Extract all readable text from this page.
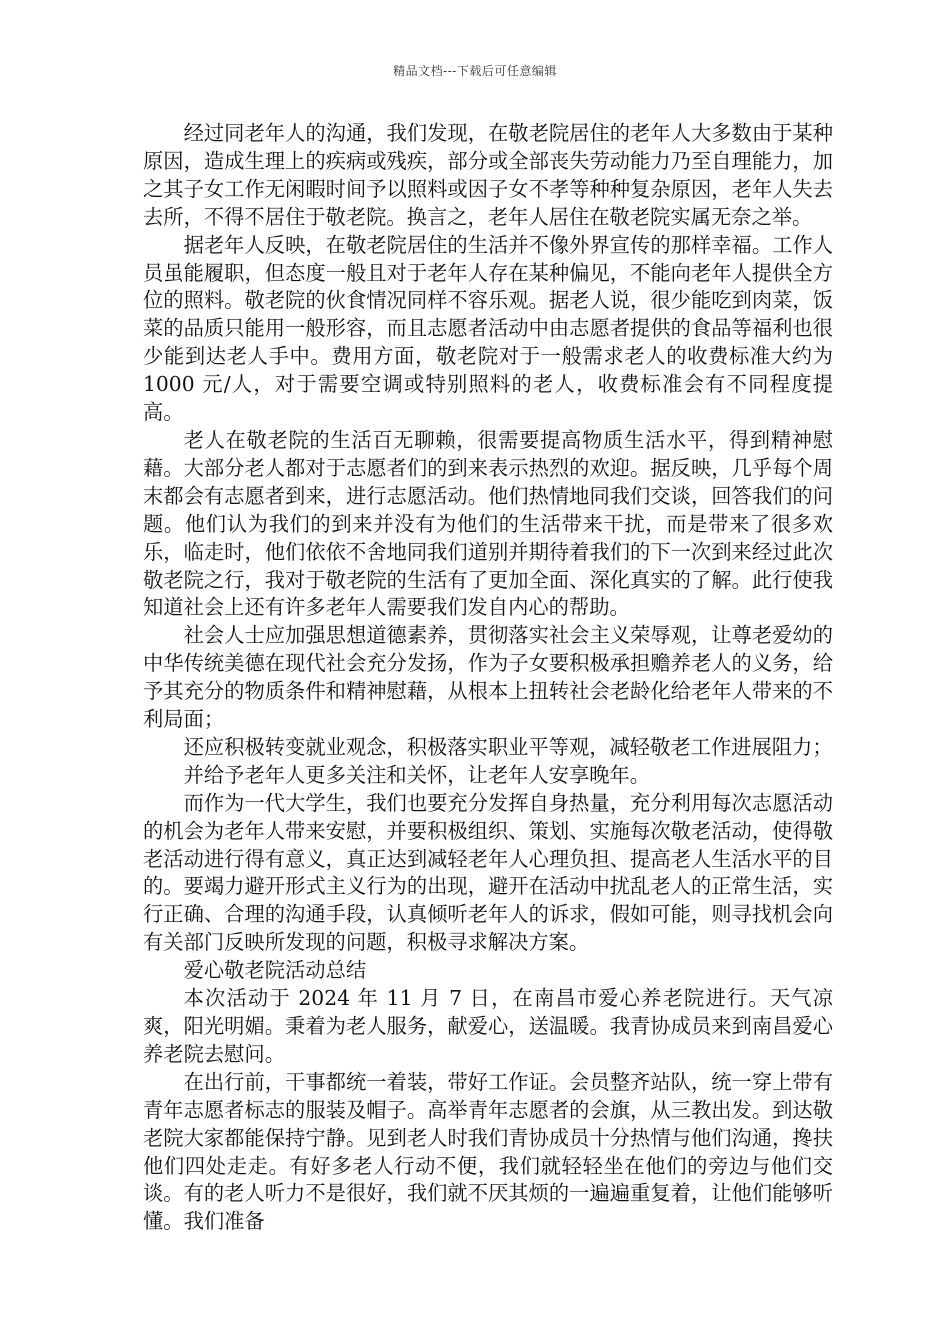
精品文档---下载后可任意编辑

经过同老年人的沟通，我们发现，在敬老院居住的老年人大多数由于某种原因，造成生理上的疾病或残疾，部分或全部丧失劳动能力乃至自理能力，加之其子女工作无闲暇时间予以照料或因子女不孝等种种复杂原因，老年人失去去所，不得不居住于敬老院。换言之，老年人居住在敬老院实属无奈之举。

据老年人反映，在敬老院居住的生活并不像外界宣传的那样幸福。工作人员虽能履职，但态度一般且对于老年人存在某种偏见，不能向老年人提供全方位的照料。敬老院的伙食情况同样不容乐观。据老人说，很少能吃到肉菜，饭菜的品质只能用一般形容，而且志愿者活动中由志愿者提供的食品等福利也很少能到达老人手中。费用方面，敬老院对于一般需求老人的收费标准大约为 1000 元/人，对于需要空调或特别照料的老人，收费标准会有不同程度提高。

老人在敬老院的生活百无聊赖，很需要提高物质生活水平，得到精神慰藉。大部分老人都对于志愿者们的到来表示热烈的欢迎。据反映，几乎每个周末都会有志愿者到来，进行志愿活动。他们热情地同我们交谈，回答我们的问题。他们认为我们的到来并没有为他们的生活带来干扰，而是带来了很多欢乐，临走时，他们依依不舍地同我们道别并期待着我们的下一次到来经过此次敬老院之行，我对于敬老院的生活有了更加全面、深化真实的了解。此行使我知道社会上还有许多老年人需要我们发自内心的帮助。

社会人士应加强思想道德素养，贯彻落实社会主义荣辱观，让尊老爱幼的中华传统美德在现代社会充分发扬，作为子女要积极承担赡养老人的义务，给予其充分的物质条件和精神慰藉，从根本上扭转社会老龄化给老年人带来的不利局面；

还应积极转变就业观念，积极落实职业平等观，减轻敬老工作进展阻力；

并给予老年人更多关注和关怀，让老年人安享晚年。

而作为一代大学生，我们也要充分发挥自身热量，充分利用每次志愿活动的机会为老年人带来安慰，并要积极组织、策划、实施每次敬老活动，使得敬老活动进行得有意义，真正达到减轻老年人心理负担、提高老人生活水平的目的。要竭力避开形式主义行为的出现，避开在活动中扰乱老人的正常生活，实行正确、合理的沟通手段，认真倾听老年人的诉求，假如可能，则寻找机会向有关部门反映所发现的问题，积极寻求解决方案。

爱心敬老院活动总结

本次活动于 2024 年 11 月 7 日，在南昌市爱心养老院进行。天气凉爽，阳光明媚。秉着为老人服务，献爱心，送温暖。我青协成员来到南昌爱心养老院去慰问。

在出行前，干事都统一着装，带好工作证。会员整齐站队，统一穿上带有青年志愿者标志的服装及帽子。高举青年志愿者的会旗，从三教出发。到达敬老院大家都能保持宁静。见到老人时我们青协成员十分热情与他们沟通，搀扶他们四处走走。有好多老人行动不便，我们就轻轻坐在他们的旁边与他们交谈。有的老人听力不是很好，我们就不厌其烦的一遍遍重复着，让他们能够听懂。我们准备
